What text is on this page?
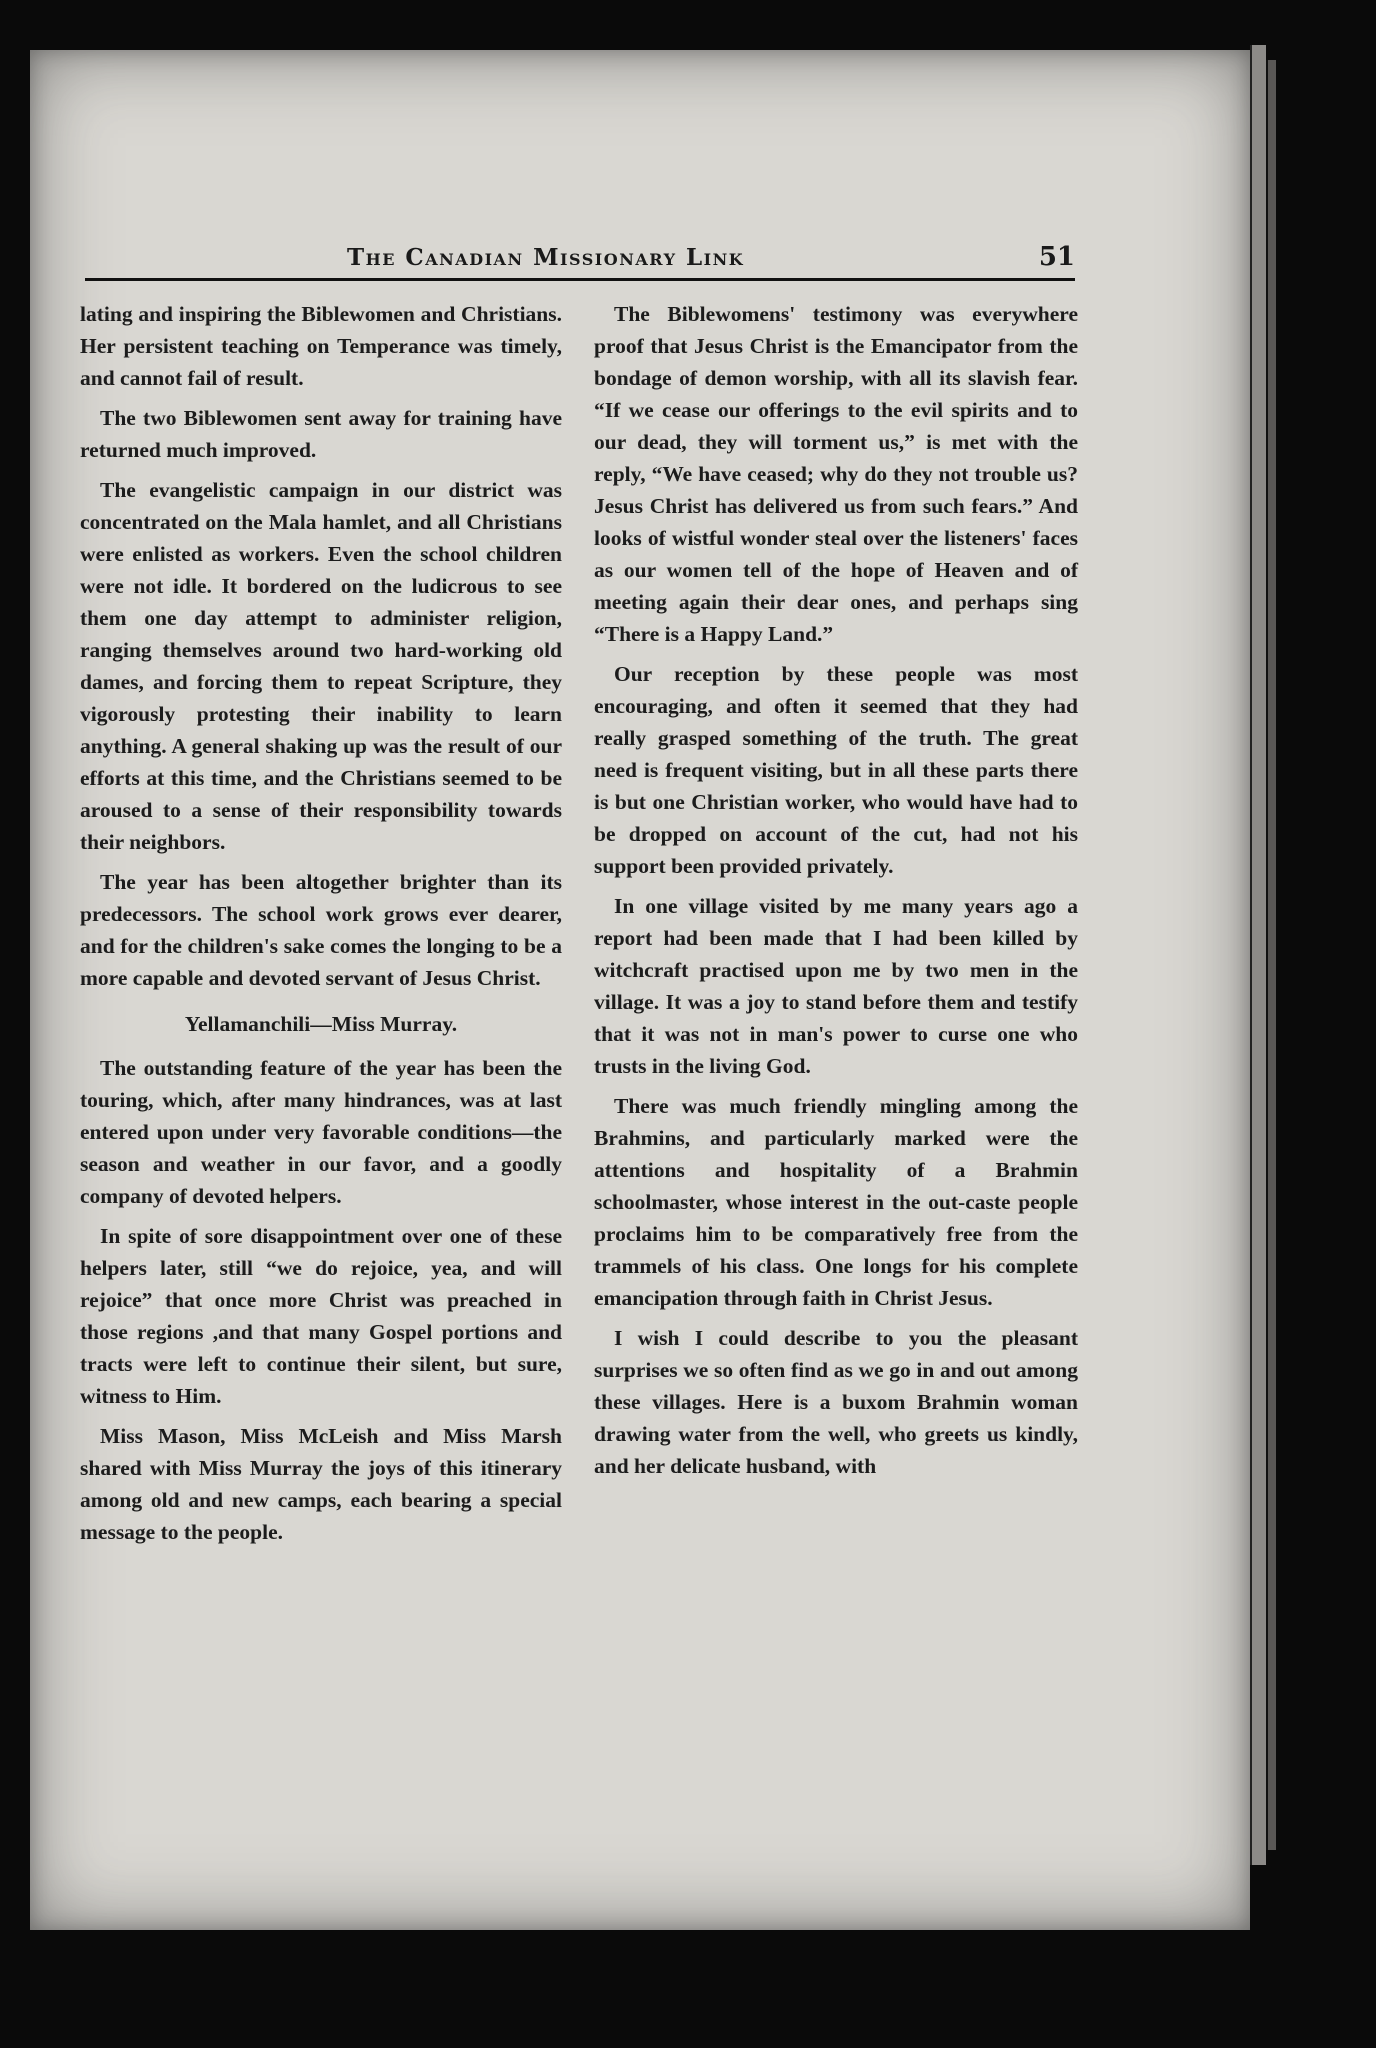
The Canadian Missionary Link	51

lating and inspiring the Biblewomen and Christians. Her persistent teaching on Temperance was timely, and cannot fail of result.

The two Biblewomen sent away for training have returned much improved.

The evangelistic campaign in our district was concentrated on the Mala hamlet, and all Christians were enlisted as workers. Even the school children were not idle. It bordered on the ludicrous to see them one day attempt to administer religion, ranging themselves around two hard-working old dames, and forcing them to repeat Scripture, they vigorously protesting their inability to learn anything. A general shaking up was the result of our efforts at this time, and the Christians seemed to be aroused to a sense of their responsibility towards their neighbors.

The year has been altogether brighter than its predecessors. The school work grows ever dearer, and for the children's sake comes the longing to be a more capable and devoted servant of Jesus Christ.

Yellamanchili—Miss Murray.

The outstanding feature of the year has been the touring, which, after many hindrances, was at last entered upon under very favorable conditions—the season and weather in our favor, and a goodly company of devoted helpers.

In spite of sore disappointment over one of these helpers later, still “we do rejoice, yea, and will rejoice” that once more Christ was preached in those regions ,and that many Gospel portions and tracts were left to continue their silent, but sure, witness to Him.

Miss Mason, Miss McLeish and Miss Marsh shared with Miss Murray the joys of this itinerary among old and new camps, each bearing a special message to the people.

The Biblewomens' testimony was everywhere proof that Jesus Christ is the Emancipator from the bondage of demon worship, with all its slavish fear. “If we cease our offerings to the evil spirits and to our dead, they will torment us,” is met with the reply, “We have ceased; why do they not trouble us? Jesus Christ has delivered us from such fears.” And looks of wistful wonder steal over the listeners' faces as our women tell of the hope of Heaven and of meeting again their dear ones, and perhaps sing “There is a Happy Land.”

Our reception by these people was most encouraging, and often it seemed that they had really grasped something of the truth. The great need is frequent visiting, but in all these parts there is but one Christian worker, who would have had to be dropped on account of the cut, had not his support been provided privately.

In one village visited by me many years ago a report had been made that I had been killed by witchcraft practised upon me by two men in the village. It was a joy to stand before them and testify that it was not in man's power to curse one who trusts in the living God.

There was much friendly mingling among the Brahmins, and particularly marked were the attentions and hospitality of a Brahmin schoolmaster, whose interest in the out-caste people proclaims him to be comparatively free from the trammels of his class. One longs for his complete emancipation through faith in Christ Jesus.

I wish I could describe to you the pleasant surprises we so often find as we go in and out among these villages. Here is a buxom Brahmin woman drawing water from the well, who greets us kindly, and her delicate husband, with
